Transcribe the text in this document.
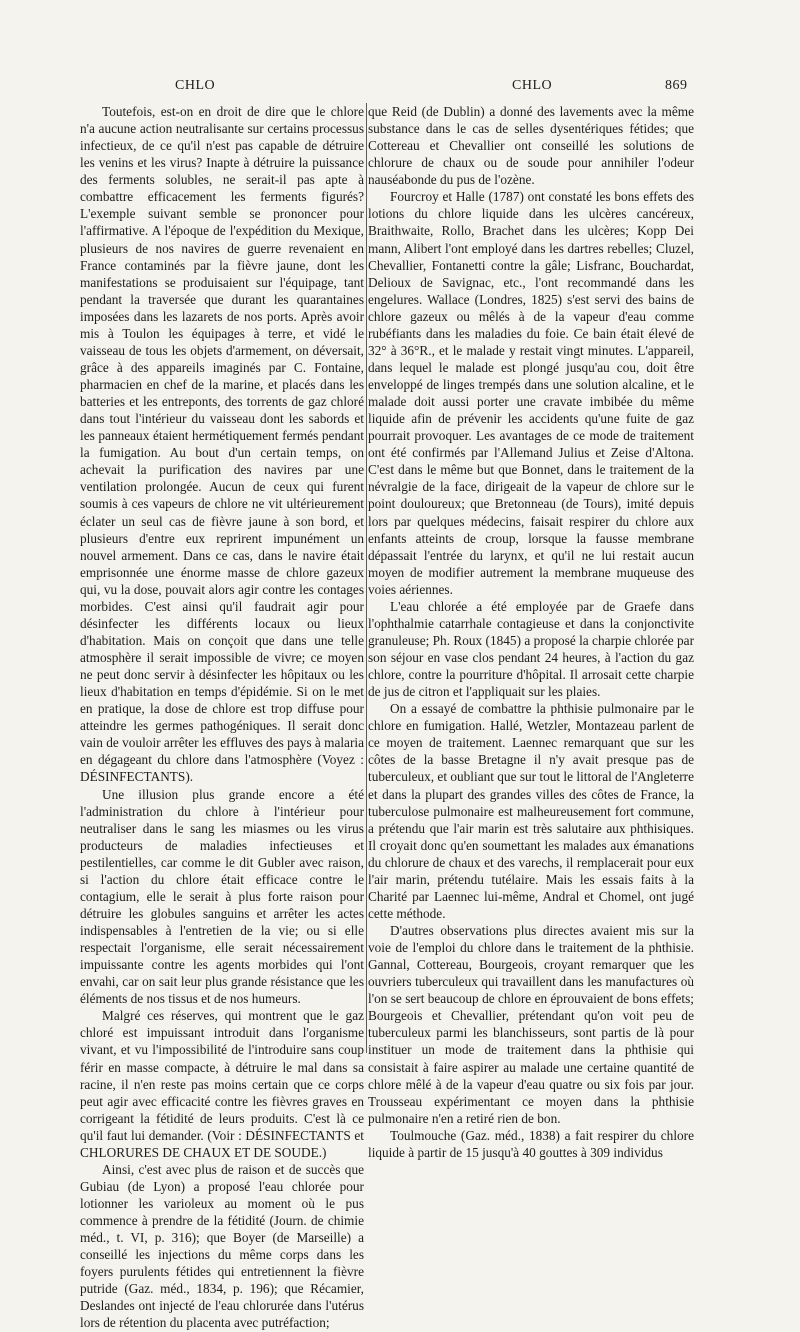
CHLO	CHLO	869

Toutefois, est-on en droit de dire que le chlore n'a aucune action neutralisante sur certains processus infectieux, de ce qu'il n'est pas capable de détruire les venins et les virus? Inapte à détruire la puissance des ferments solubles, ne serait-il pas apte à combattre efficacement les ferments figurés? L'exemple suivant semble se prononcer pour l'affirmative. A l'époque de l'expédition du Mexique, plusieurs de nos navires de guerre revenaient en France contaminés par la fièvre jaune, dont les manifestations se produisaient sur l'équipage, tant pendant la traversée que durant les quarantaines imposées dans les lazarets de nos ports. Après avoir mis à Toulon les équipages à terre, et vidé le vaisseau de tous les objets d'armement, on déversait, grâce à des appareils imaginés par C. Fontaine, pharmacien en chef de la marine, et placés dans les batteries et les entreponts, des torrents de gaz chloré dans tout l'intérieur du vaisseau dont les sabords et les panneaux étaient hermétiquement fermés pendant la fumigation. Au bout d'un certain temps, on achevait la purification des navires par une ventilation prolongée. Aucun de ceux qui furent soumis à ces vapeurs de chlore ne vit ultérieurement éclater un seul cas de fièvre jaune à son bord, et plusieurs d'entre eux reprirent impunément un nouvel armement. Dans ce cas, dans le navire était emprisonnée une énorme masse de chlore gazeux qui, vu la dose, pouvait alors agir contre les contages morbides. C'est ainsi qu'il faudrait agir pour désinfecter les différents locaux ou lieux d'habitation. Mais on conçoit que dans une telle atmosphère il serait impossible de vivre; ce moyen ne peut donc servir à désinfecter les hôpitaux ou les lieux d'habitation en temps d'épidémie. Si on le met en pratique, la dose de chlore est trop diffuse pour atteindre les germes pathogéniques. Il serait donc vain de vouloir arrêter les effluves des pays à malaria en dégageant du chlore dans l'atmosphère (Voyez : DÉSINFECTANTS).

Une illusion plus grande encore a été l'administration du chlore à l'intérieur pour neutraliser dans le sang les miasmes ou les virus producteurs de maladies infectieuses et pestilentielles, car comme le dit Gubler avec raison, si l'action du chlore était efficace contre le contagium, elle le serait à plus forte raison pour détruire les globules sanguins et arrêter les actes indispensables à l'entretien de la vie; ou si elle respectait l'organisme, elle serait nécessairement impuissante contre les agents morbides qui l'ont envahi, car on sait leur plus grande résistance que les éléments de nos tissus et de nos humeurs.

Malgré ces réserves, qui montrent que le gaz chloré est impuissant introduit dans l'organisme vivant, et vu l'impossibilité de l'introduire sans coup férir en masse compacte, à détruire le mal dans sa racine, il n'en reste pas moins certain que ce corps peut agir avec efficacité contre les fièvres graves en corrigeant la fétidité de leurs produits. C'est là ce qu'il faut lui demander. (Voir : DÉSINFECTANTS et CHLORURES DE CHAUX ET DE SOUDE.)

Ainsi, c'est avec plus de raison et de succès que Gubiau (de Lyon) a proposé l'eau chlorée pour lotionner les varioleux au moment où le pus commence à prendre de la fétidité (Journ. de chimie méd., t. VI, p. 316); que Boyer (de Marseille) a conseillé les injections du même corps dans les foyers purulents fétides qui entretiennent la fièvre putride (Gaz. méd., 1834, p. 196); que Récamier, Deslandes ont injecté de l'eau chlorurée dans l'utérus lors de rétention du placenta avec putréfaction;

que Reid (de Dublin) a donné des lavements avec la même substance dans le cas de selles dysentériques fétides; que Cottereau et Chevallier ont conseillé les solutions de chlorure de chaux ou de soude pour annihiler l'odeur nauséabonde du pus de l'ozène.

Fourcroy et Halle (1787) ont constaté les bons effets des lotions du chlore liquide dans les ulcères cancéreux, Braithwaite, Rollo, Brachet dans les ulcères; Kopp Dei mann, Alibert l'ont employé dans les dartres rebelles; Cluzel, Chevallier, Fontanetti contre la gâle; Lisfranc, Bouchardat, Delioux de Savignac, etc., l'ont recommandé dans les engelures. Wallace (Londres, 1825) s'est servi des bains de chlore gazeux ou mêlés à de la vapeur d'eau comme rubéfiants dans les maladies du foie. Ce bain était élevé de 32° à 36°R., et le malade y restait vingt minutes. L'appareil, dans lequel le malade est plongé jusqu'au cou, doit être enveloppé de linges trempés dans une solution alcaline, et le malade doit aussi porter une cravate imbibée du même liquide afin de prévenir les accidents qu'une fuite de gaz pourrait provoquer. Les avantages de ce mode de traitement ont été confirmés par l'Allemand Julius et Zeise d'Altona. C'est dans le même but que Bonnet, dans le traitement de la névralgie de la face, dirigeait de la vapeur de chlore sur le point douloureux; que Bretonneau (de Tours), imité depuis lors par quelques médecins, faisait respirer du chlore aux enfants atteints de croup, lorsque la fausse membrane dépassait l'entrée du larynx, et qu'il ne lui restait aucun moyen de modifier autrement la membrane muqueuse des voies aériennes.

L'eau chlorée a été employée par de Graefe dans l'ophthalmie catarrhale contagieuse et dans la conjonctivite granuleuse; Ph. Roux (1845) a proposé la charpie chlorée par son séjour en vase clos pendant 24 heures, à l'action du gaz chlore, contre la pourriture d'hôpital. Il arrosait cette charpie de jus de citron et l'appliquait sur les plaies.

On a essayé de combattre la phthisie pulmonaire par le chlore en fumigation. Hallé, Wetzler, Montazeau parlent de ce moyen de traitement. Laennec remarquant que sur les côtes de la basse Bretagne il n'y avait presque pas de tuberculeux, et oubliant que sur tout le littoral de l'Angleterre et dans la plupart des grandes villes des côtes de France, la tuberculose pulmonaire est malheureusement fort commune, a prétendu que l'air marin est très salutaire aux phthisiques. Il croyait donc qu'en soumettant les malades aux émanations du chlorure de chaux et des varechs, il remplacerait pour eux l'air marin, prétendu tutélaire. Mais les essais faits à la Charité par Laennec lui-même, Andral et Chomel, ont jugé cette méthode.

D'autres observations plus directes avaient mis sur la voie de l'emploi du chlore dans le traitement de la phthisie. Gannal, Cottereau, Bourgeois, croyant remarquer que les ouvriers tuberculeux qui travaillent dans les manufactures où l'on se sert beaucoup de chlore en éprouvaient de bons effets; Bourgeois et Chevallier, prétendant qu'on voit peu de tuberculeux parmi les blanchisseurs, sont partis de là pour instituer un mode de traitement dans la phthisie qui consistait à faire aspirer au malade une certaine quantité de chlore mêlé à de la vapeur d'eau quatre ou six fois par jour. Trousseau expérimentant ce moyen dans la phthisie pulmonaire n'en a retiré rien de bon.

Toulmouche (Gaz. méd., 1838) a fait respirer du chlore liquide à partir de 15 jusqu'à 40 gouttes à 309 individus
